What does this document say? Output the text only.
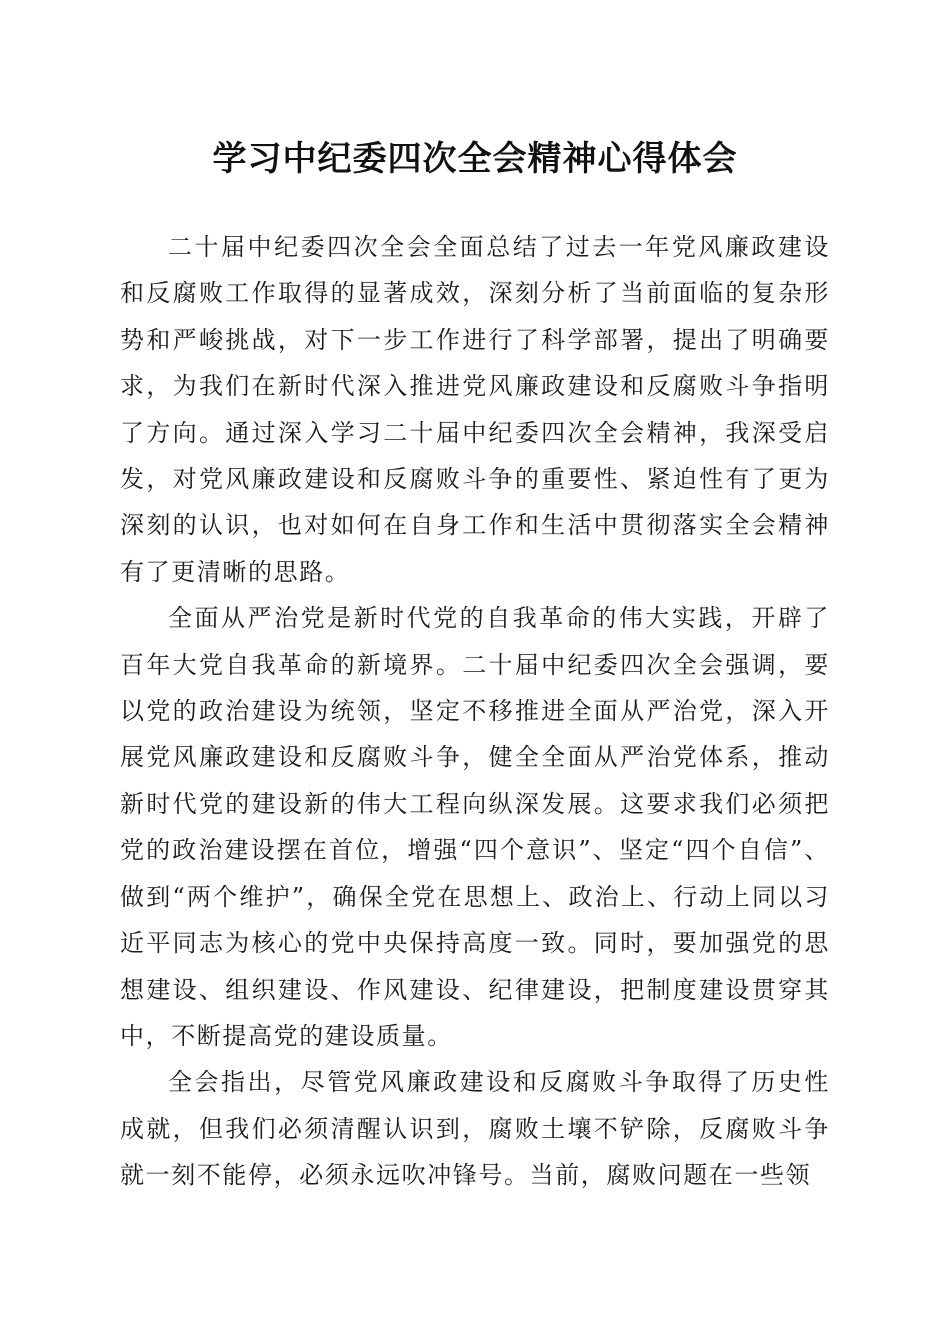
学习中纪委四次全会精神心得体会

二十届中纪委四次全会全面总结了过去一年党风廉政建设和反腐败工作取得的显著成效，深刻分析了当前面临的复杂形势和严峻挑战，对下一步工作进行了科学部署，提出了明确要求，为我们在新时代深入推进党风廉政建设和反腐败斗争指明了方向。通过深入学习二十届中纪委四次全会精神，我深受启发，对党风廉政建设和反腐败斗争的重要性、紧迫性有了更为深刻的认识，也对如何在自身工作和生活中贯彻落实全会精神有了更清晰的思路。

全面从严治党是新时代党的自我革命的伟大实践，开辟了百年大党自我革命的新境界。二十届中纪委四次全会强调，要以党的政治建设为统领，坚定不移推进全面从严治党，深入开展党风廉政建设和反腐败斗争，健全全面从严治党体系，推动新时代党的建设新的伟大工程向纵深发展。这要求我们必须把党的政治建设摆在首位，增强“四个意识”、坚定“四个自信”、做到“两个维护”，确保全党在思想上、政治上、行动上同以习近平同志为核心的党中央保持高度一致。同时，要加强党的思想建设、组织建设、作风建设、纪律建设，把制度建设贯穿其中，不断提高党的建设质量。

全会指出，尽管党风廉政建设和反腐败斗争取得了历史性成就，但我们必须清醒认识到，腐败土壤不铲除，反腐败斗争就一刻不能停，必须永远吹冲锋号。当前，腐败问题在一些领
